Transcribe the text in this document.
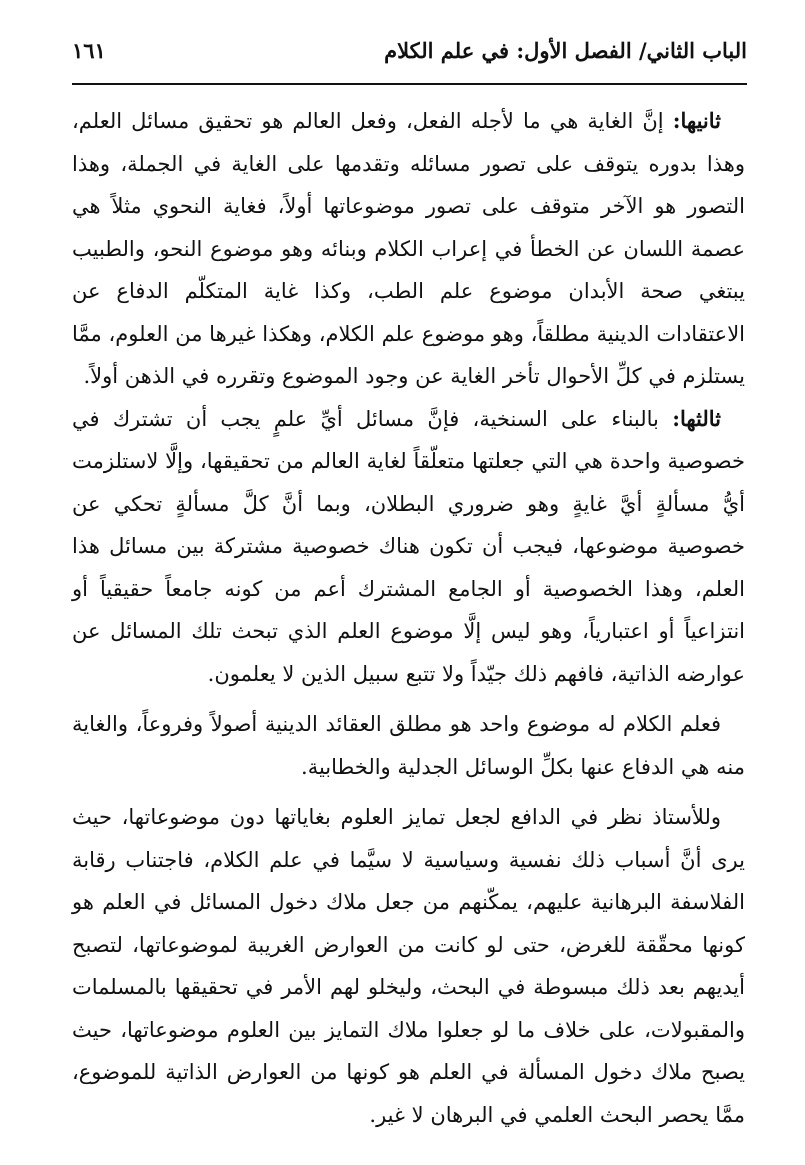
الباب الثاني/ الفصل الأول: في علم الكلام
١٦١

ثانيها: إنَّ الغاية هي ما لأجله الفعل، وفعل العالم هو تحقيق مسائل العلم، وهذا بدوره يتوقف على تصور مسائله وتقدمها على الغاية في الجملة، وهذا التصور هو الآخر متوقف على تصور موضوعاتها أولاً، فغاية النحوي مثلاً هي عصمة اللسان عن الخطأ في إعراب الكلام وبنائه وهو موضوع النحو، والطبيب يبتغي صحة الأبدان موضوع علم الطب، وكذا غاية المتكلّم الدفاع عن الاعتقادات الدينية مطلقاً، وهو موضوع علم الكلام، وهكذا غيرها من العلوم، ممَّا يستلزم في كلِّ الأحوال تأخر الغاية عن وجود الموضوع وتقرره في الذهن أولاً.

ثالثها: بالبناء على السنخية، فإنَّ مسائل أيِّ علمٍ يجب أن تشترك في خصوصية واحدة هي التي جعلتها متعلّقاً لغاية العالم من تحقيقها، وإلَّا لاستلزمت أيُّ مسألةٍ أيَّ غايةٍ وهو ضروري البطلان، وبما أنَّ كلَّ مسألةٍ تحكي عن خصوصية موضوعها، فيجب أن تكون هناك خصوصية مشتركة بين مسائل هذا العلم، وهذا الخصوصية أو الجامع المشترك أعم من كونه جامعاً حقيقياً أو انتزاعياً أو اعتبارياً، وهو ليس إلَّا موضوع العلم الذي تبحث تلك المسائل عن عوارضه الذاتية، فافهم ذلك جيّداً ولا تتبع سبيل الذين لا يعلمون.

فعلم الكلام له موضوع واحد هو مطلق العقائد الدينية أصولاً وفروعاً، والغاية منه هي الدفاع عنها بكلِّ الوسائل الجدلية والخطابية.

وللأستاذ نظر في الدافع لجعل تمايز العلوم بغاياتها دون موضوعاتها، حيث يرى أنَّ أسباب ذلك نفسية وسياسية لا سيَّما في علم الكلام، فاجتناب رقابة الفلاسفة البرهانية عليهم، يمكّنهم من جعل ملاك دخول المسائل في العلم هو كونها محقّقة للغرض، حتى لو كانت من العوارض الغريبة لموضوعاتها، لتصبح أيديهم بعد ذلك مبسوطة في البحث، وليخلو لهم الأمر في تحقيقها بالمسلمات والمقبولات، على خلاف ما لو جعلوا ملاك التمايز بين العلوم موضوعاتها، حيث يصبح ملاك دخول المسألة في العلم هو كونها من العوارض الذاتية للموضوع، ممَّا يحصر البحث العلمي في البرهان لا غير.
